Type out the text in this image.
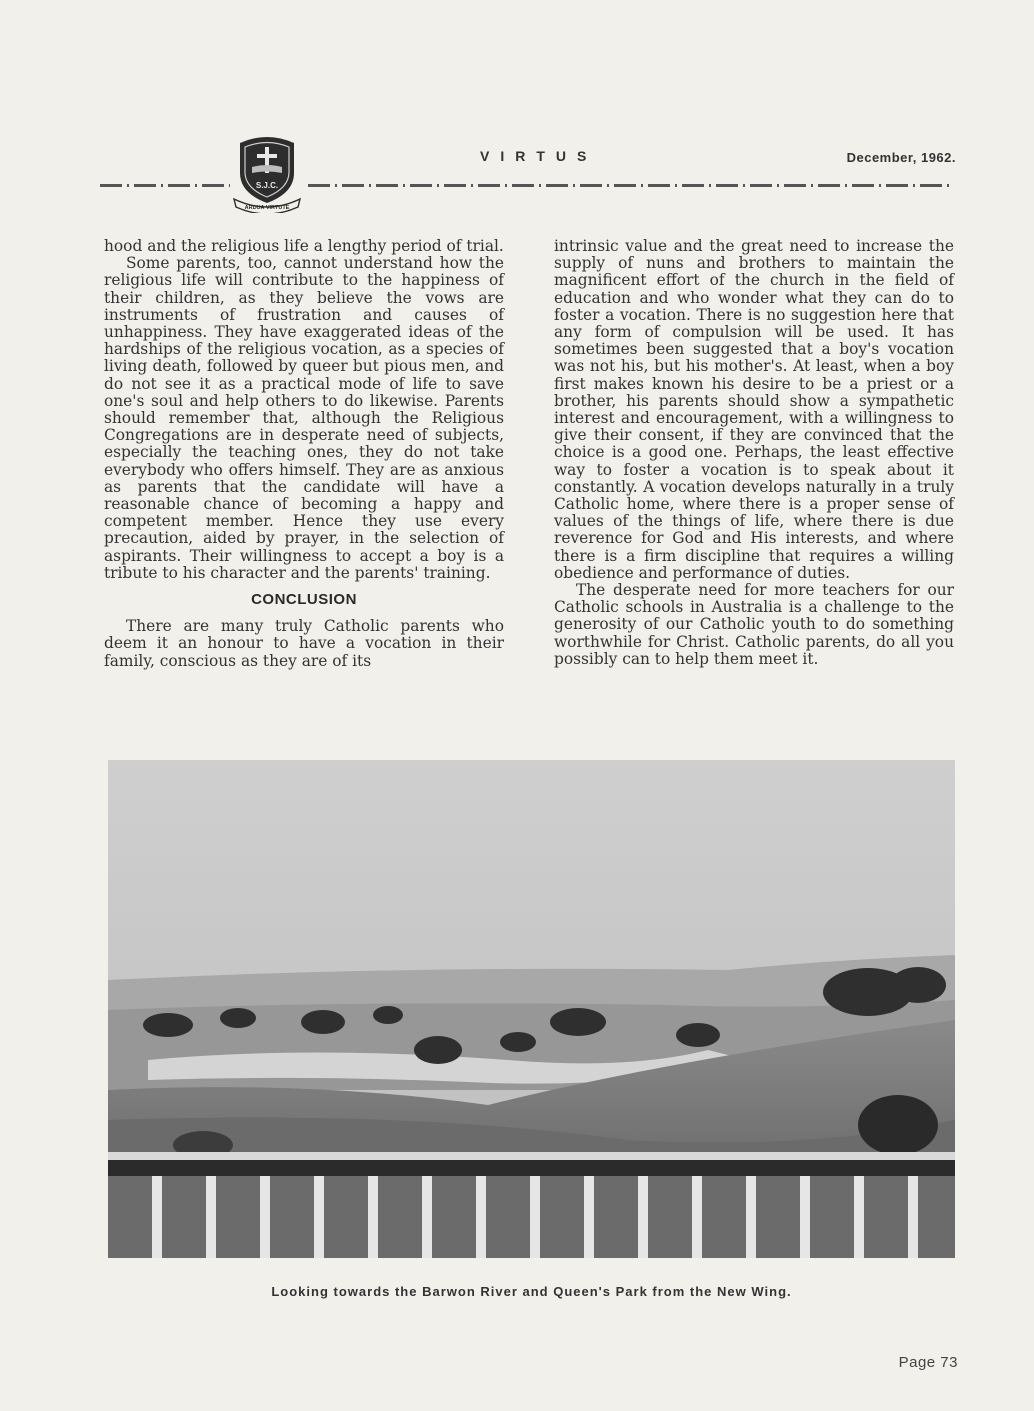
S.J.C.
ARDUA VIRTUTE
VIRTUS	December, 1962.

hood and the religious life a lengthy period of trial.

Some parents, too, cannot understand how the religious life will contribute to the happiness of their children, as they believe the vows are instruments of frustration and causes of unhappiness. They have exaggerated ideas of the hardships of the religious vocation, as a species of living death, followed by queer but pious men, and do not see it as a practical mode of life to save one's soul and help others to do likewise. Parents should remember that, although the Religious Congregations are in desperate need of subjects, especially the teaching ones, they do not take everybody who offers himself. They are as anxious as parents that the candidate will have a reasonable chance of becoming a happy and competent member. Hence they use every precaution, aided by prayer, in the selection of aspirants. Their willingness to accept a boy is a tribute to his character and the parents' training.

CONCLUSION

There are many truly Catholic parents who deem it an honour to have a vocation in their family, conscious as they are of its

intrinsic value and the great need to increase the supply of nuns and brothers to maintain the magnificent effort of the church in the field of education and who wonder what they can do to foster a vocation. There is no suggestion here that any form of compulsion will be used. It has sometimes been suggested that a boy's vocation was not his, but his mother's. At least, when a boy first makes known his desire to be a priest or a brother, his parents should show a sympathetic interest and encouragement, with a willingness to give their consent, if they are convinced that the choice is a good one. Perhaps, the least effective way to foster a vocation is to speak about it constantly. A vocation develops naturally in a truly Catholic home, where there is a proper sense of values of the things of life, where there is due reverence for God and His interests, and where there is a firm discipline that requires a willing obedience and performance of duties.

The desperate need for more teachers for our Catholic schools in Australia is a challenge to the generosity of our Catholic youth to do something worthwhile for Christ. Catholic parents, do all you possibly can to help them meet it.

Looking towards the Barwon River and Queen's Park from the New Wing.
Page 73
